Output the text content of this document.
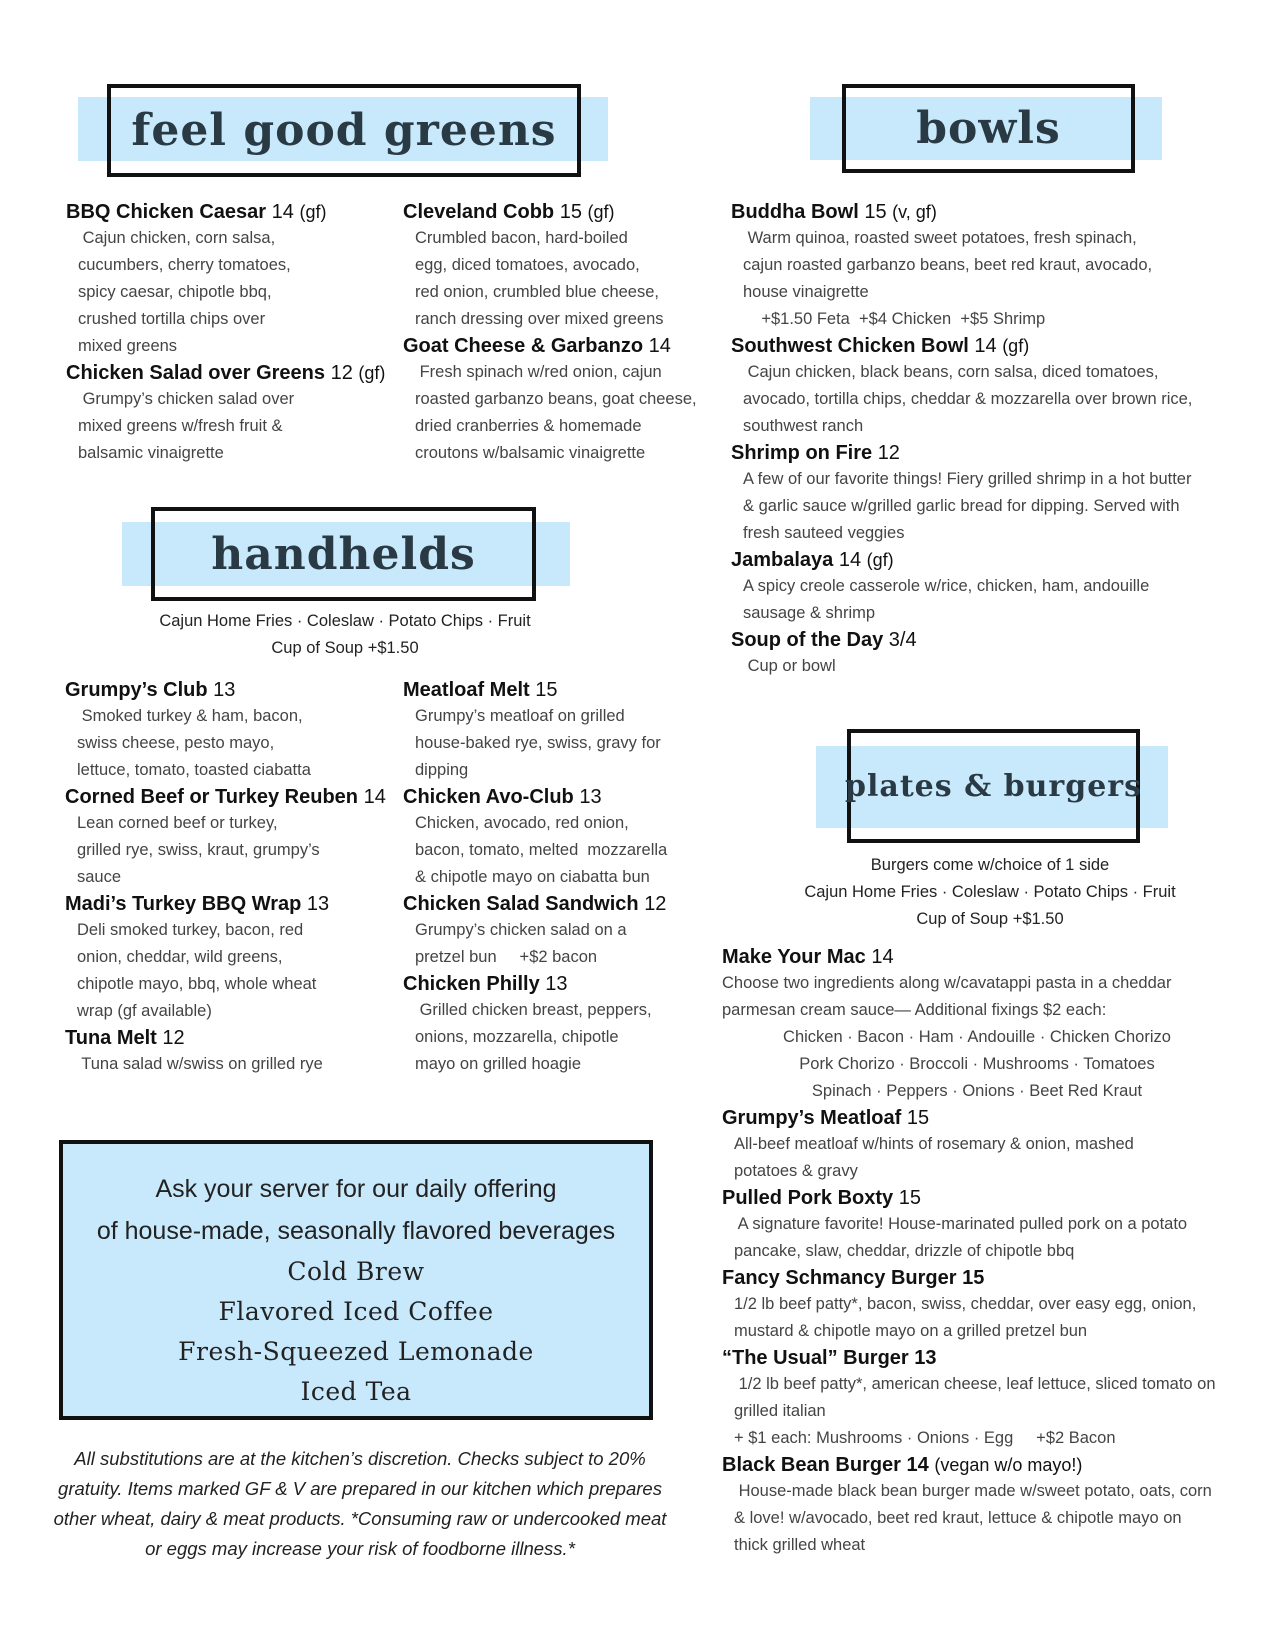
feel good greens	bowls
handhelds
plates & burgers
BBQ Chicken Caesar 14 (gf)
Cajun chicken, corn salsa,
cucumbers, cherry tomatoes,
spicy caesar, chipotle bbq,
crushed tortilla chips over
mixed greens
Chicken Salad over Greens 12 (gf)
Grumpy’s chicken salad over
mixed greens w/fresh fruit &
balsamic vinaigrette
Cleveland Cobb 15 (gf)
Crumbled bacon, hard-boiled
egg, diced tomatoes, avocado,
red onion, crumbled blue cheese,
ranch dressing over mixed greens
Goat Cheese & Garbanzo 14
Fresh spinach w/red onion, cajun
roasted garbanzo beans, goat cheese,
dried cranberries & homemade
croutons w/balsamic vinaigrette
Cajun Home Fries · Coleslaw · Potato Chips · Fruit
Cup of Soup +$1.50
Grumpy’s Club 13
Smoked turkey & ham, bacon,
swiss cheese, pesto mayo,
lettuce, tomato, toasted ciabatta
Corned Beef or Turkey Reuben 14
Lean corned beef or turkey,
grilled rye, swiss, kraut, grumpy’s
sauce
Madi’s Turkey BBQ Wrap 13
Deli smoked turkey, bacon, red
onion, cheddar, wild greens,
chipotle mayo, bbq, whole wheat
wrap (gf available)
Tuna Melt 12
Tuna salad w/swiss on grilled rye
Meatloaf Melt 15
Grumpy’s meatloaf on grilled
house-baked rye, swiss, gravy for
dipping
Chicken Avo-Club 13
Chicken, avocado, red onion,
bacon, tomato, melted  mozzarella
& chipotle mayo on ciabatta bun
Chicken Salad Sandwich 12
Grumpy’s chicken salad on a
pretzel bun     +$2 bacon
Chicken Philly 13
Grilled chicken breast, peppers,
onions, mozzarella, chipotle
mayo on grilled hoagie
Ask your server for our daily offering
of house-made, seasonally flavored beverages
Cold Brew
Flavored Iced Coffee
Fresh-Squeezed Lemonade
Iced Tea
All substitutions are at the kitchen’s discretion. Checks subject to 20%
gratuity. Items marked GF & V are prepared in our kitchen which prepares
other wheat, dairy & meat products. *Consuming raw or undercooked meat
or eggs may increase your risk of foodborne illness.*
Buddha Bowl 15 (v, gf)
Warm quinoa, roasted sweet potatoes, fresh spinach,
cajun roasted garbanzo beans, beet red kraut, avocado,
house vinaigrette
+$1.50 Feta  +$4 Chicken  +$5 Shrimp
Southwest Chicken Bowl 14 (gf)
Cajun chicken, black beans, corn salsa, diced tomatoes,
avocado, tortilla chips, cheddar & mozzarella over brown rice,
southwest ranch
Shrimp on Fire 12
A few of our favorite things! Fiery grilled shrimp in a hot butter
& garlic sauce w/grilled garlic bread for dipping. Served with
fresh sauteed veggies
Jambalaya 14 (gf)
A spicy creole casserole w/rice, chicken, ham, andouille
sausage & shrimp
Soup of the Day 3/4
Cup or bowl
Burgers come w/choice of 1 side
Cajun Home Fries · Coleslaw · Potato Chips · Fruit
Cup of Soup +$1.50
Make Your Mac 14
Choose two ingredients along w/cavatappi pasta in a cheddar
parmesan cream sauce— Additional fixings $2 each:
Chicken · Bacon · Ham · Andouille · Chicken Chorizo
Pork Chorizo · Broccoli · Mushrooms · Tomatoes
Spinach · Peppers · Onions · Beet Red Kraut
Grumpy’s Meatloaf 15
All-beef meatloaf w/hints of rosemary & onion, mashed
potatoes & gravy
Pulled Pork Boxty 15
A signature favorite! House-marinated pulled pork on a potato
pancake, slaw, cheddar, drizzle of chipotle bbq
Fancy Schmancy Burger 15
1/2 lb beef patty*, bacon, swiss, cheddar, over easy egg, onion,
mustard & chipotle mayo on a grilled pretzel bun
“The Usual” Burger 13
1/2 lb beef patty*, american cheese, leaf lettuce, sliced tomato on
grilled italian
+ $1 each: Mushrooms · Onions · Egg     +$2 Bacon
Black Bean Burger 14 (vegan w/o mayo!)
House-made black bean burger made w/sweet potato, oats, corn
& love! w/avocado, beet red kraut, lettuce & chipotle mayo on
thick grilled wheat
